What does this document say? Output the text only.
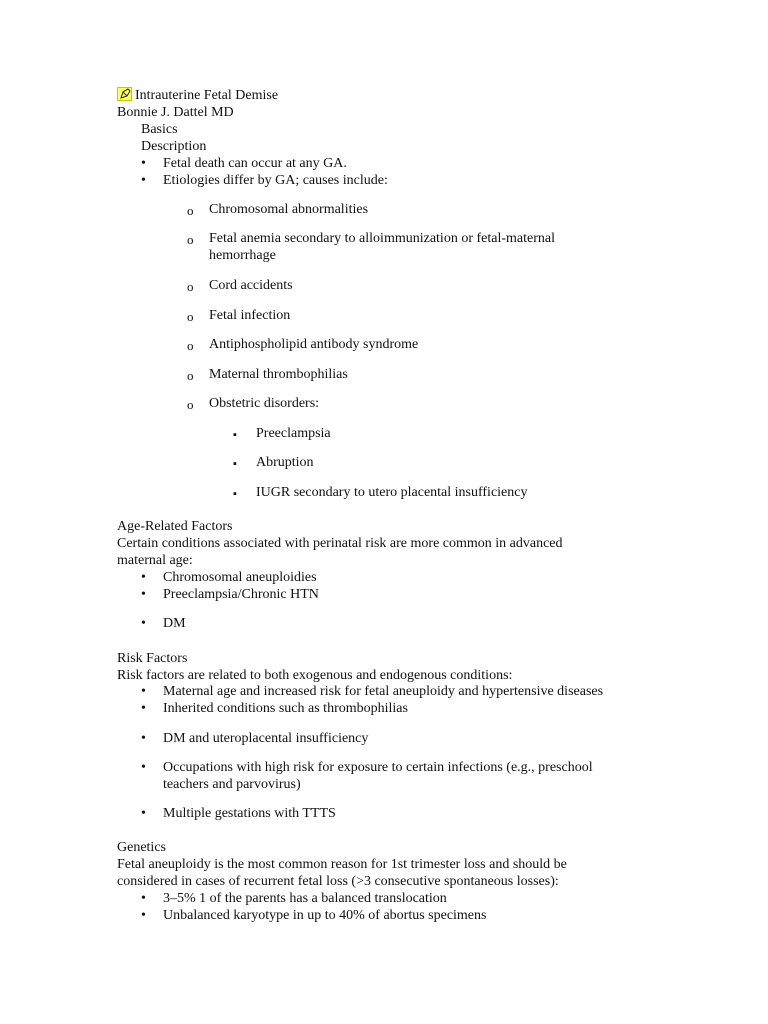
Intrauterine Fetal Demise
Bonnie J. Dattel MD
Basics
Description
• Fetal death can occur at any GA.
• Etiologies differ by GA; causes include:
o Chromosomal abnormalities
o Fetal anemia secondary to alloimmunization or fetal-maternal
hemorrhage
o Cord accidents
o Fetal infection
o Antiphospholipid antibody syndrome
o Maternal thrombophilias
o Obstetric disorders:
▪ Preeclampsia
▪ Abruption
▪ IUGR secondary to utero placental insufficiency
Age-Related Factors
Certain conditions associated with perinatal risk are more common in advanced
maternal age:
• Chromosomal aneuploidies
• Preeclampsia/Chronic HTN
• DM
Risk Factors
Risk factors are related to both exogenous and endogenous conditions:
• Maternal age and increased risk for fetal aneuploidy and hypertensive diseases
• Inherited conditions such as thrombophilias
• DM and uteroplacental insufficiency
• Occupations with high risk for exposure to certain infections (e.g., preschool
teachers and parvovirus)
• Multiple gestations with TTTS
Genetics
Fetal aneuploidy is the most common reason for 1st trimester loss and should be
considered in cases of recurrent fetal loss (>3 consecutive spontaneous losses):
• 3–5% 1 of the parents has a balanced translocation
• Unbalanced karyotype in up to 40% of abortus specimens
